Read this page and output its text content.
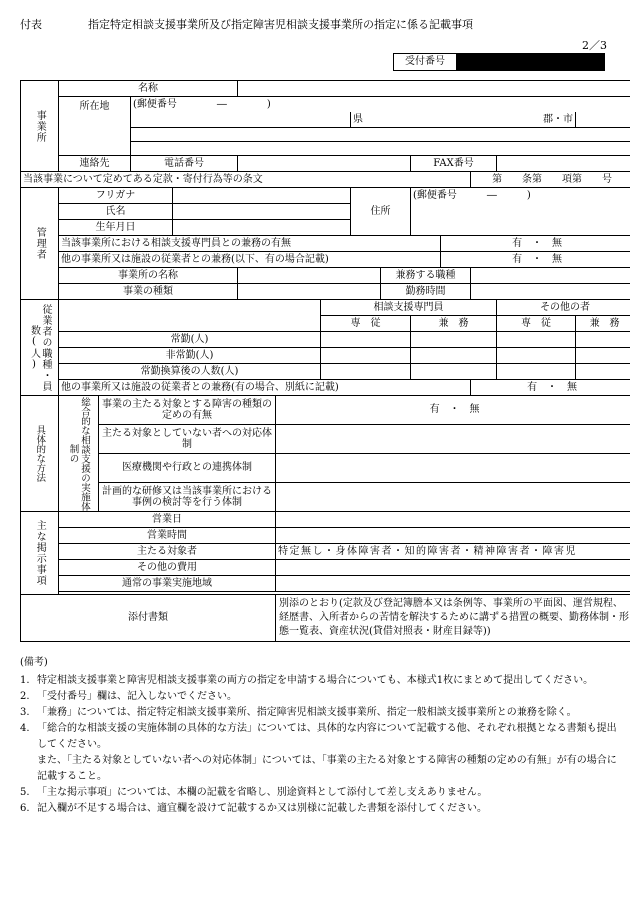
付表	指定特定相談支援事業所及び指定障害児相談支援事業所の指定に係る記載事項
2／3
受付番号
事業所	名称													
	所在地		(郵便番号　　　　―　　　　)											
								県					郡・市	

	連絡先		電話番号							FAX番号				
当該事業について定めてある定款・寄付行為等の条文												第　　条第　　項第　　号		
管理者	フリガナ							住所		(郵便番号　　　―　　　)				
	氏名													
	生年月日													
	当該事業所における相談支援専門員との兼務の有無										有　・　無			
	他の事業所又は施設の従業者との兼務(以下、有の場合記載)										有　・　無			
	事業所の名称								兼務する職種					
	事業の種類								勤務時間					
従業者の職種・員数(人)							相談支援専門員						その他の者	
							専　従			兼　務			専　従	兼　務
	常勤(人)													
	非常勤(人)													
	常勤換算後の人数(人)													
	他の事業所又は施設の従業者との兼務(有の場合、別紙に記載)											有　・　無		
具体的な方法	総合的な相談支援の実施体制の	事業の主たる対象とする障害の種類の定めの有無				有　・　無								
		主たる対象としていない者への対応体制												
		医療機関や行政との連携体制												
		計画的な研修又は当該事業所における事例の検討等を行う体制												
主な掲示事項	営業日													
	営業時間													
	主たる対象者					特定無し・身体障害者・知的障害者・精神障害者・障害児								
	その他の費用													
	通常の事業実施地域													

添付書類						別添のとおり(定款及び登記簿謄本又は条例等、事業所の平面図、運営規程、経歴書、入所者からの苦情を解決するために講ずる措置の概要、勤務体制・形態一覧表、資産状況(貸借対照表・財産目録等))								
(備考)
1. 特定相談支援事業と障害児相談支援事業の両方の指定を申請する場合についても、本様式1枚にまとめて提出してください。
2. 「受付番号」欄は、記入しないでください。
3. 「兼務」については、指定特定相談支援事業所、指定障害児相談支援事業所、指定一般相談支援事業所との兼務を除く。
4. 「総合的な相談支援の実施体制の具体的な方法」については、具体的な内容について記載する他、それぞれ根拠となる書類も提出してください。
また、「主たる対象としていない者への対応体制」については、「事業の主たる対象とする障害の種類の定めの有無」が有の場合に記載すること。
5. 「主な掲示事項」については、本欄の記載を省略し、別途資料として添付して差し支えありません。
6. 記入欄が不足する場合は、適宜欄を設けて記載するか又は別様に記載した書類を添付してください。
